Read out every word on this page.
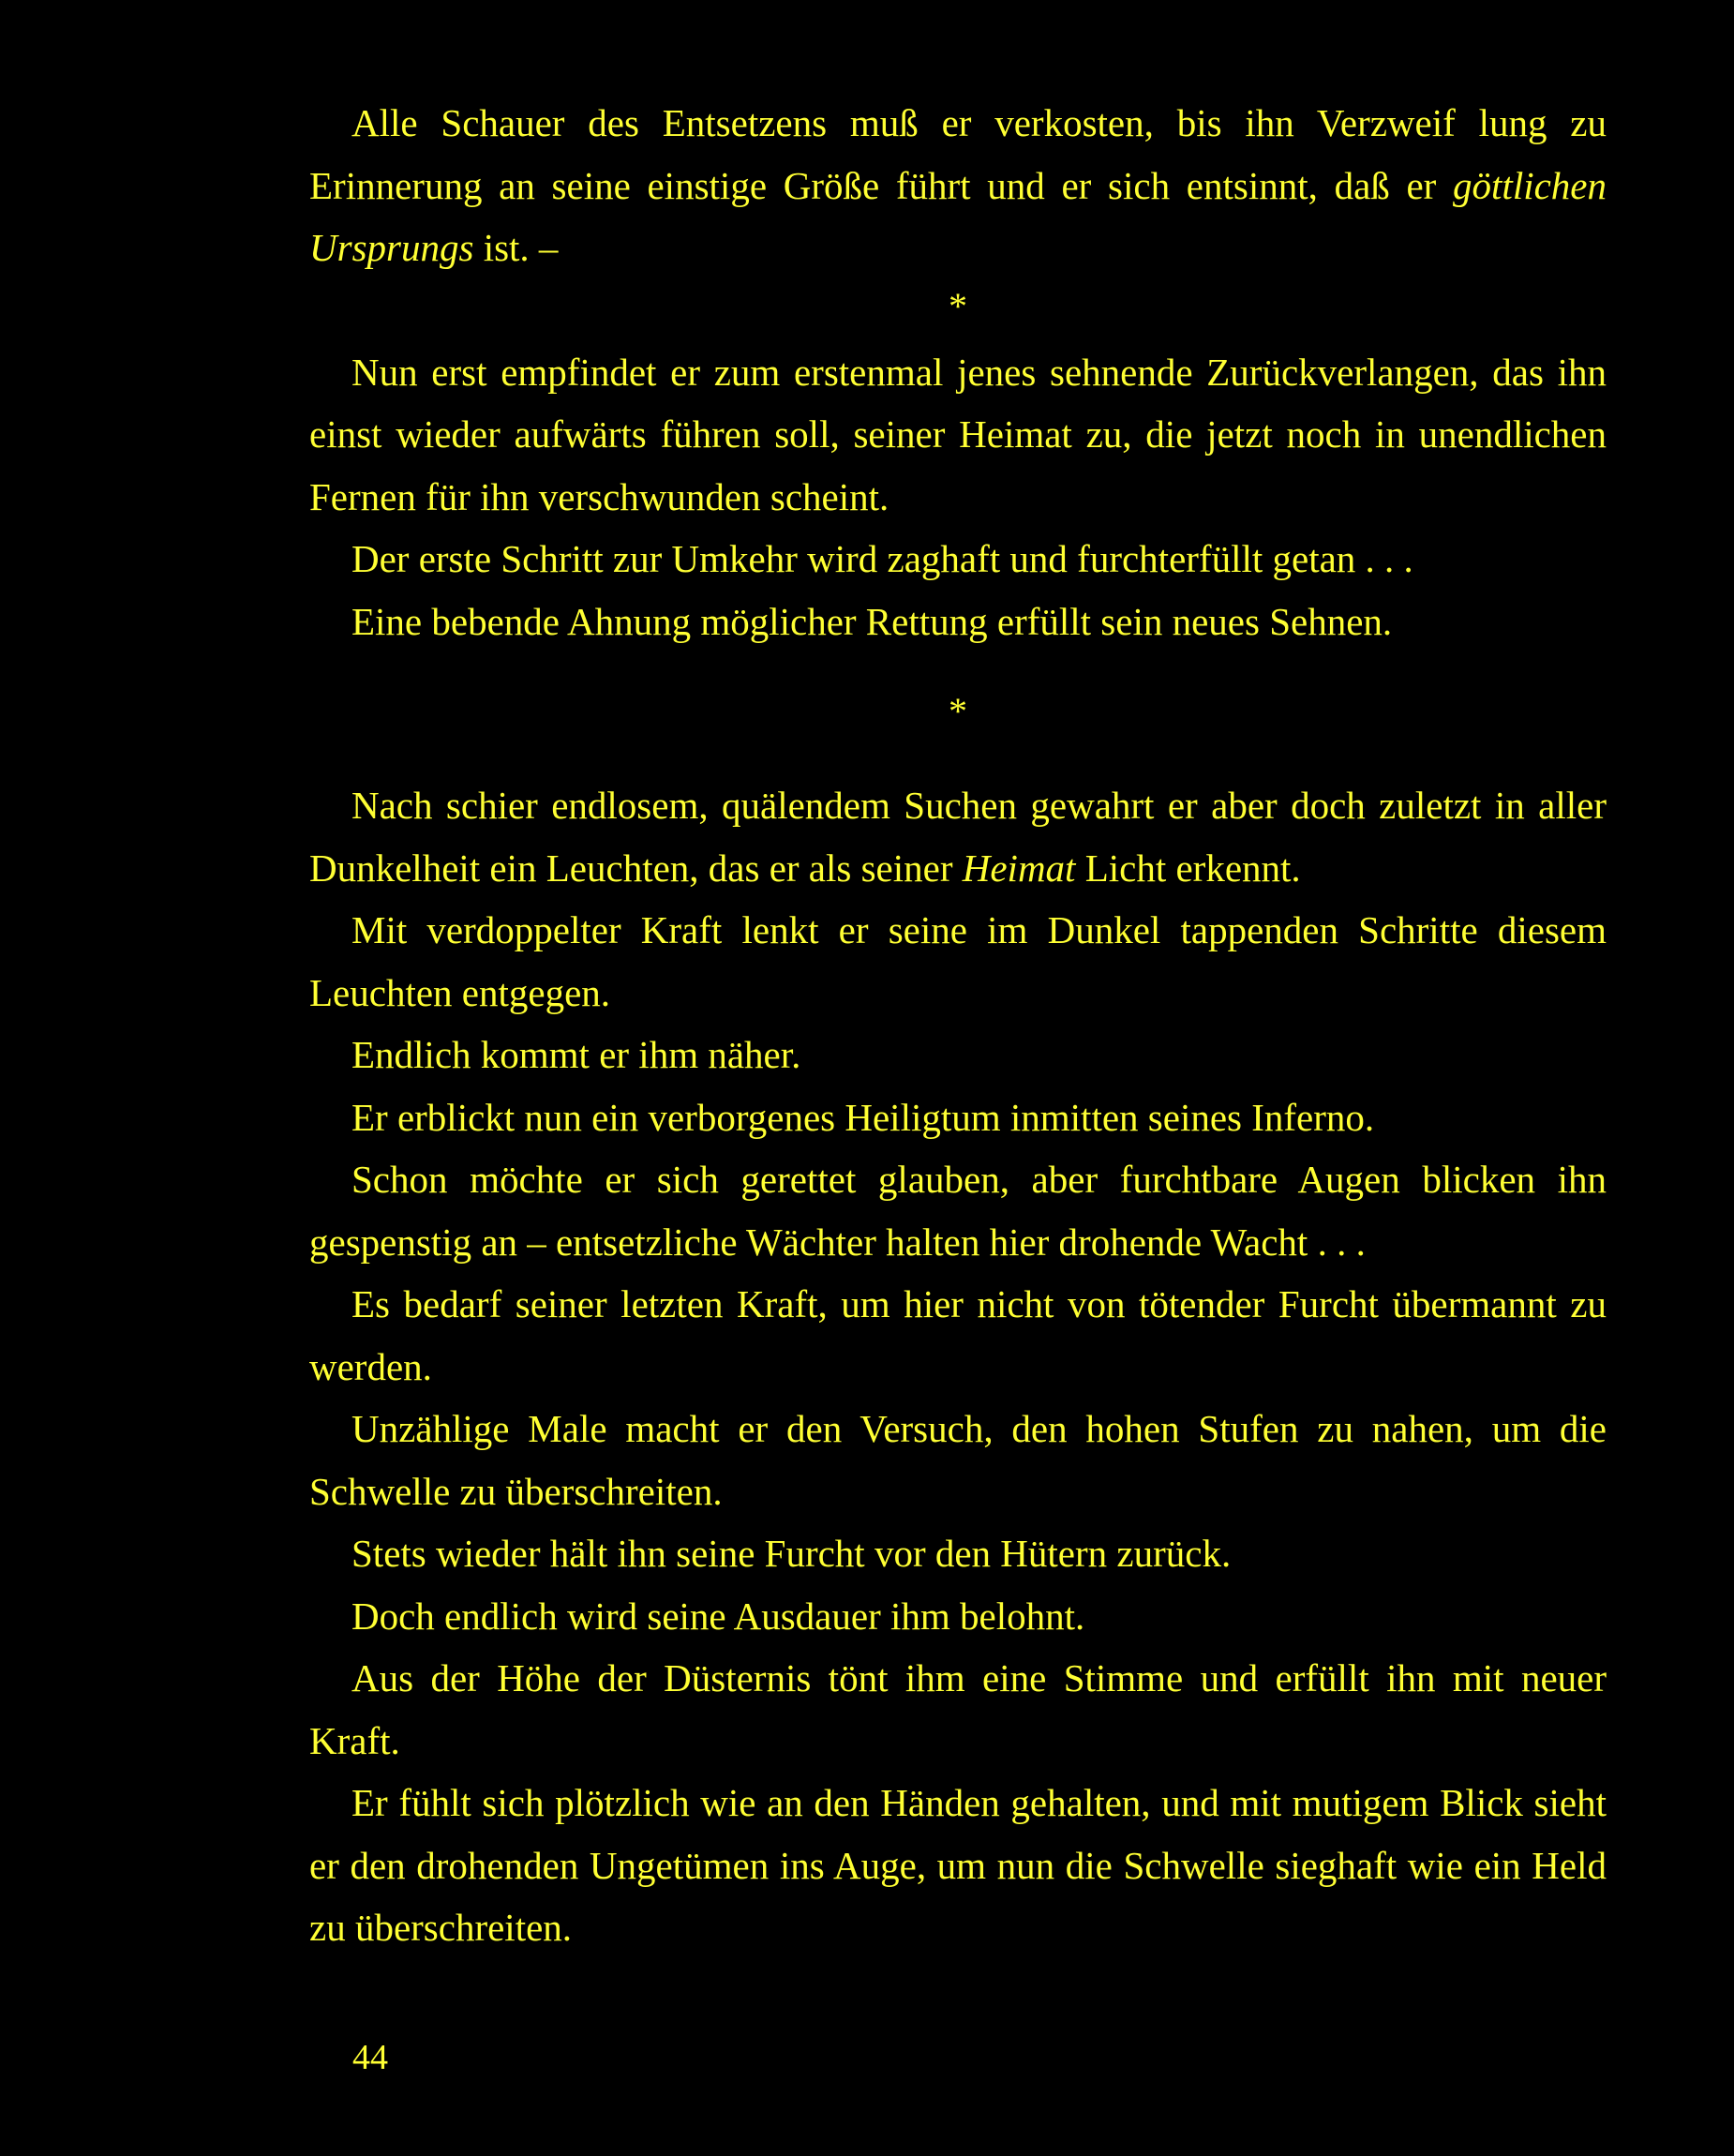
Alle Schauer des Entsetzens muß er verkosten, bis ihn Verzweif lung zu Erinnerung an seine einstige Größe führt und er sich entsinnt, daß er göttlichen Ursprungs ist. –

*

Nun erst empfindet er zum erstenmal jenes sehnende Zurückverlangen, das ihn einst wieder aufwärts führen soll, seiner Heimat zu, die jetzt noch in unendlichen Fernen für ihn verschwunden scheint.

Der erste Schritt zur Umkehr wird zaghaft und furchterfüllt getan . . .

Eine bebende Ahnung möglicher Rettung erfüllt sein neues Sehnen.

*

Nach schier endlosem, quälendem Suchen gewahrt er aber doch zuletzt in aller Dunkelheit ein Leuchten, das er als seiner Heimat Licht erkennt.

Mit verdoppelter Kraft lenkt er seine im Dunkel tappenden Schritte diesem Leuchten entgegen.

Endlich kommt er ihm näher.

Er erblickt nun ein verborgenes Heiligtum inmitten seines Inferno.

Schon möchte er sich gerettet glauben, aber furchtbare Augen blicken ihn gespenstig an – entsetzliche Wächter halten hier drohende Wacht . . .

Es bedarf seiner letzten Kraft, um hier nicht von tötender Furcht übermannt zu werden.

Unzählige Male macht er den Versuch, den hohen Stufen zu nahen, um die Schwelle zu überschreiten.

Stets wieder hält ihn seine Furcht vor den Hütern zurück.

Doch endlich wird seine Ausdauer ihm belohnt.

Aus der Höhe der Düsternis tönt ihm eine Stimme und erfüllt ihn mit neuer Kraft.

Er fühlt sich plötzlich wie an den Händen gehalten, und mit mutigem Blick sieht er den drohenden Ungetümen ins Auge, um nun die Schwelle sieghaft wie ein Held zu überschreiten.

44
